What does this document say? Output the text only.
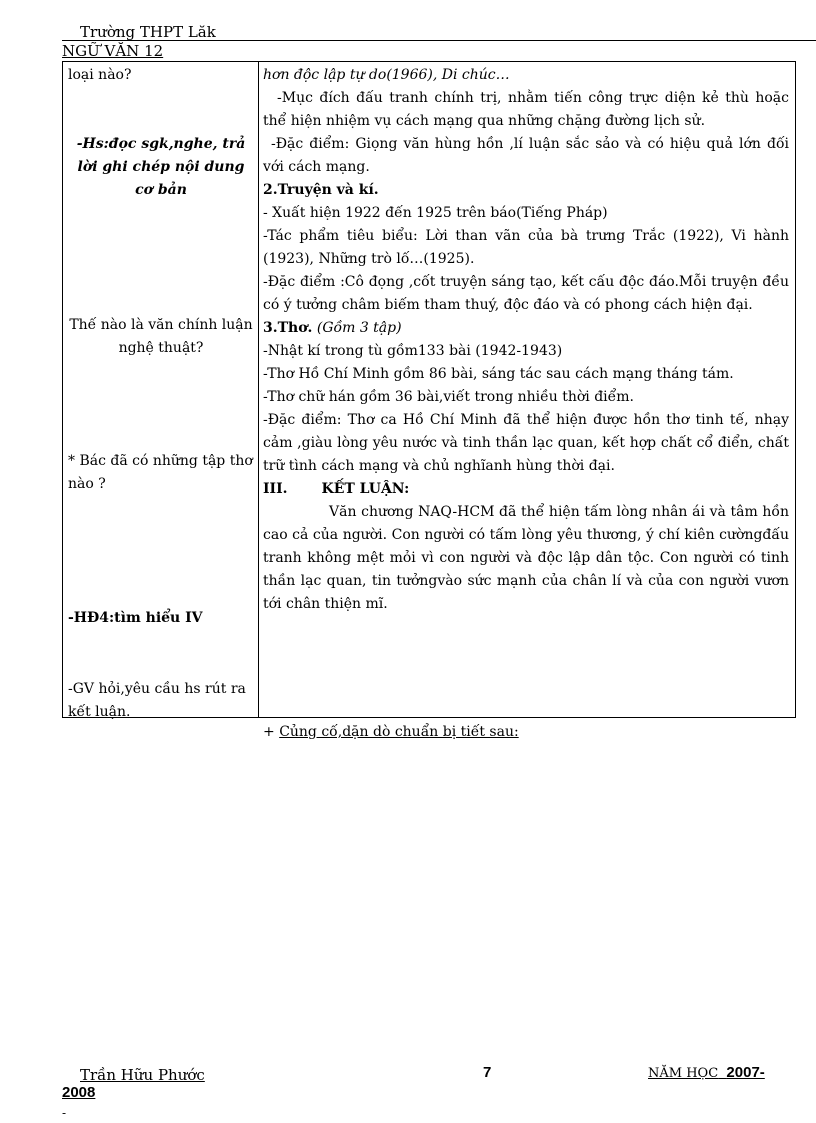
Trường THPT Lăk
NGỮ VĂN 12
loại nào?
-Hs:đọc sgk,nghe, trả lời ghi chép nội dung cơ bản
Thế nào là văn chính luận nghệ thuật?
* Bác đã có những tập thơ nào ?
-HĐ4:tìm hiểu IV
-GV hỏi,yêu cầu hs rút ra kết luận.

hơn độc lập tự do(1966), Di chúc…

-Mục đích đấu tranh chính trị, nhằm tiến công trực diện kẻ thù hoặc thể hiện nhiệm vụ cách mạng qua những chặng đường lịch sử.

-Đặc điểm: Giọng văn hùng hồn ,lí luận sắc sảo và có hiệu quả lớn đối với cách mạng.

2.Truyện và kí.

- Xuất hiện 1922 đến 1925 trên báo(Tiếng Pháp)

-Tác phẩm tiêu biểu: Lời than vãn của bà trưng Trắc (1922), Vi hành (1923), Những trò lố…(1925).

-Đặc điểm :Cô đọng ,cốt truyện sáng tạo, kết cấu độc đáo.Mỗi truyện đều có ý tưởng châm biếm tham thuý, độc đáo và có phong cách hiện đại.

3.Thơ. (Gồm 3 tập)

-Nhật kí trong tù gồm133 bài (1942-1943)

-Thơ Hồ Chí Minh gồm 86 bài, sáng tác sau cách mạng tháng tám.

-Thơ chữ hán gồm 36 bài,viết trong nhiều thời điểm.

-Đặc điểm: Thơ ca Hồ Chí Minh đã thể hiện được hồn thơ tinh tế, nhạy cảm ,giàu lòng yêu nước và tinh thần lạc quan, kết hợp chất cổ điển, chất trữ tình cách mạng và chủ nghĩanh hùng thời đại.

III. KẾT LUẬN:

Văn chương NAQ-HCM đã thể hiện tấm lòng nhân ái và tâm hồn cao cả của người. Con người có tấm lòng yêu thương, ý chí kiên cườngđấu tranh không mệt mỏi vì con người và độc lập dân tộc. Con người có tinh thần lạc quan, tin tưởngvào sức mạnh của chân lí và của con người vươn tới chân thiện mĩ.

+ Củng cố,dặn dò chuẩn bị tiết sau:
Trần Hữu Phước	7	NĂM HỌC 2007-
2008
-
